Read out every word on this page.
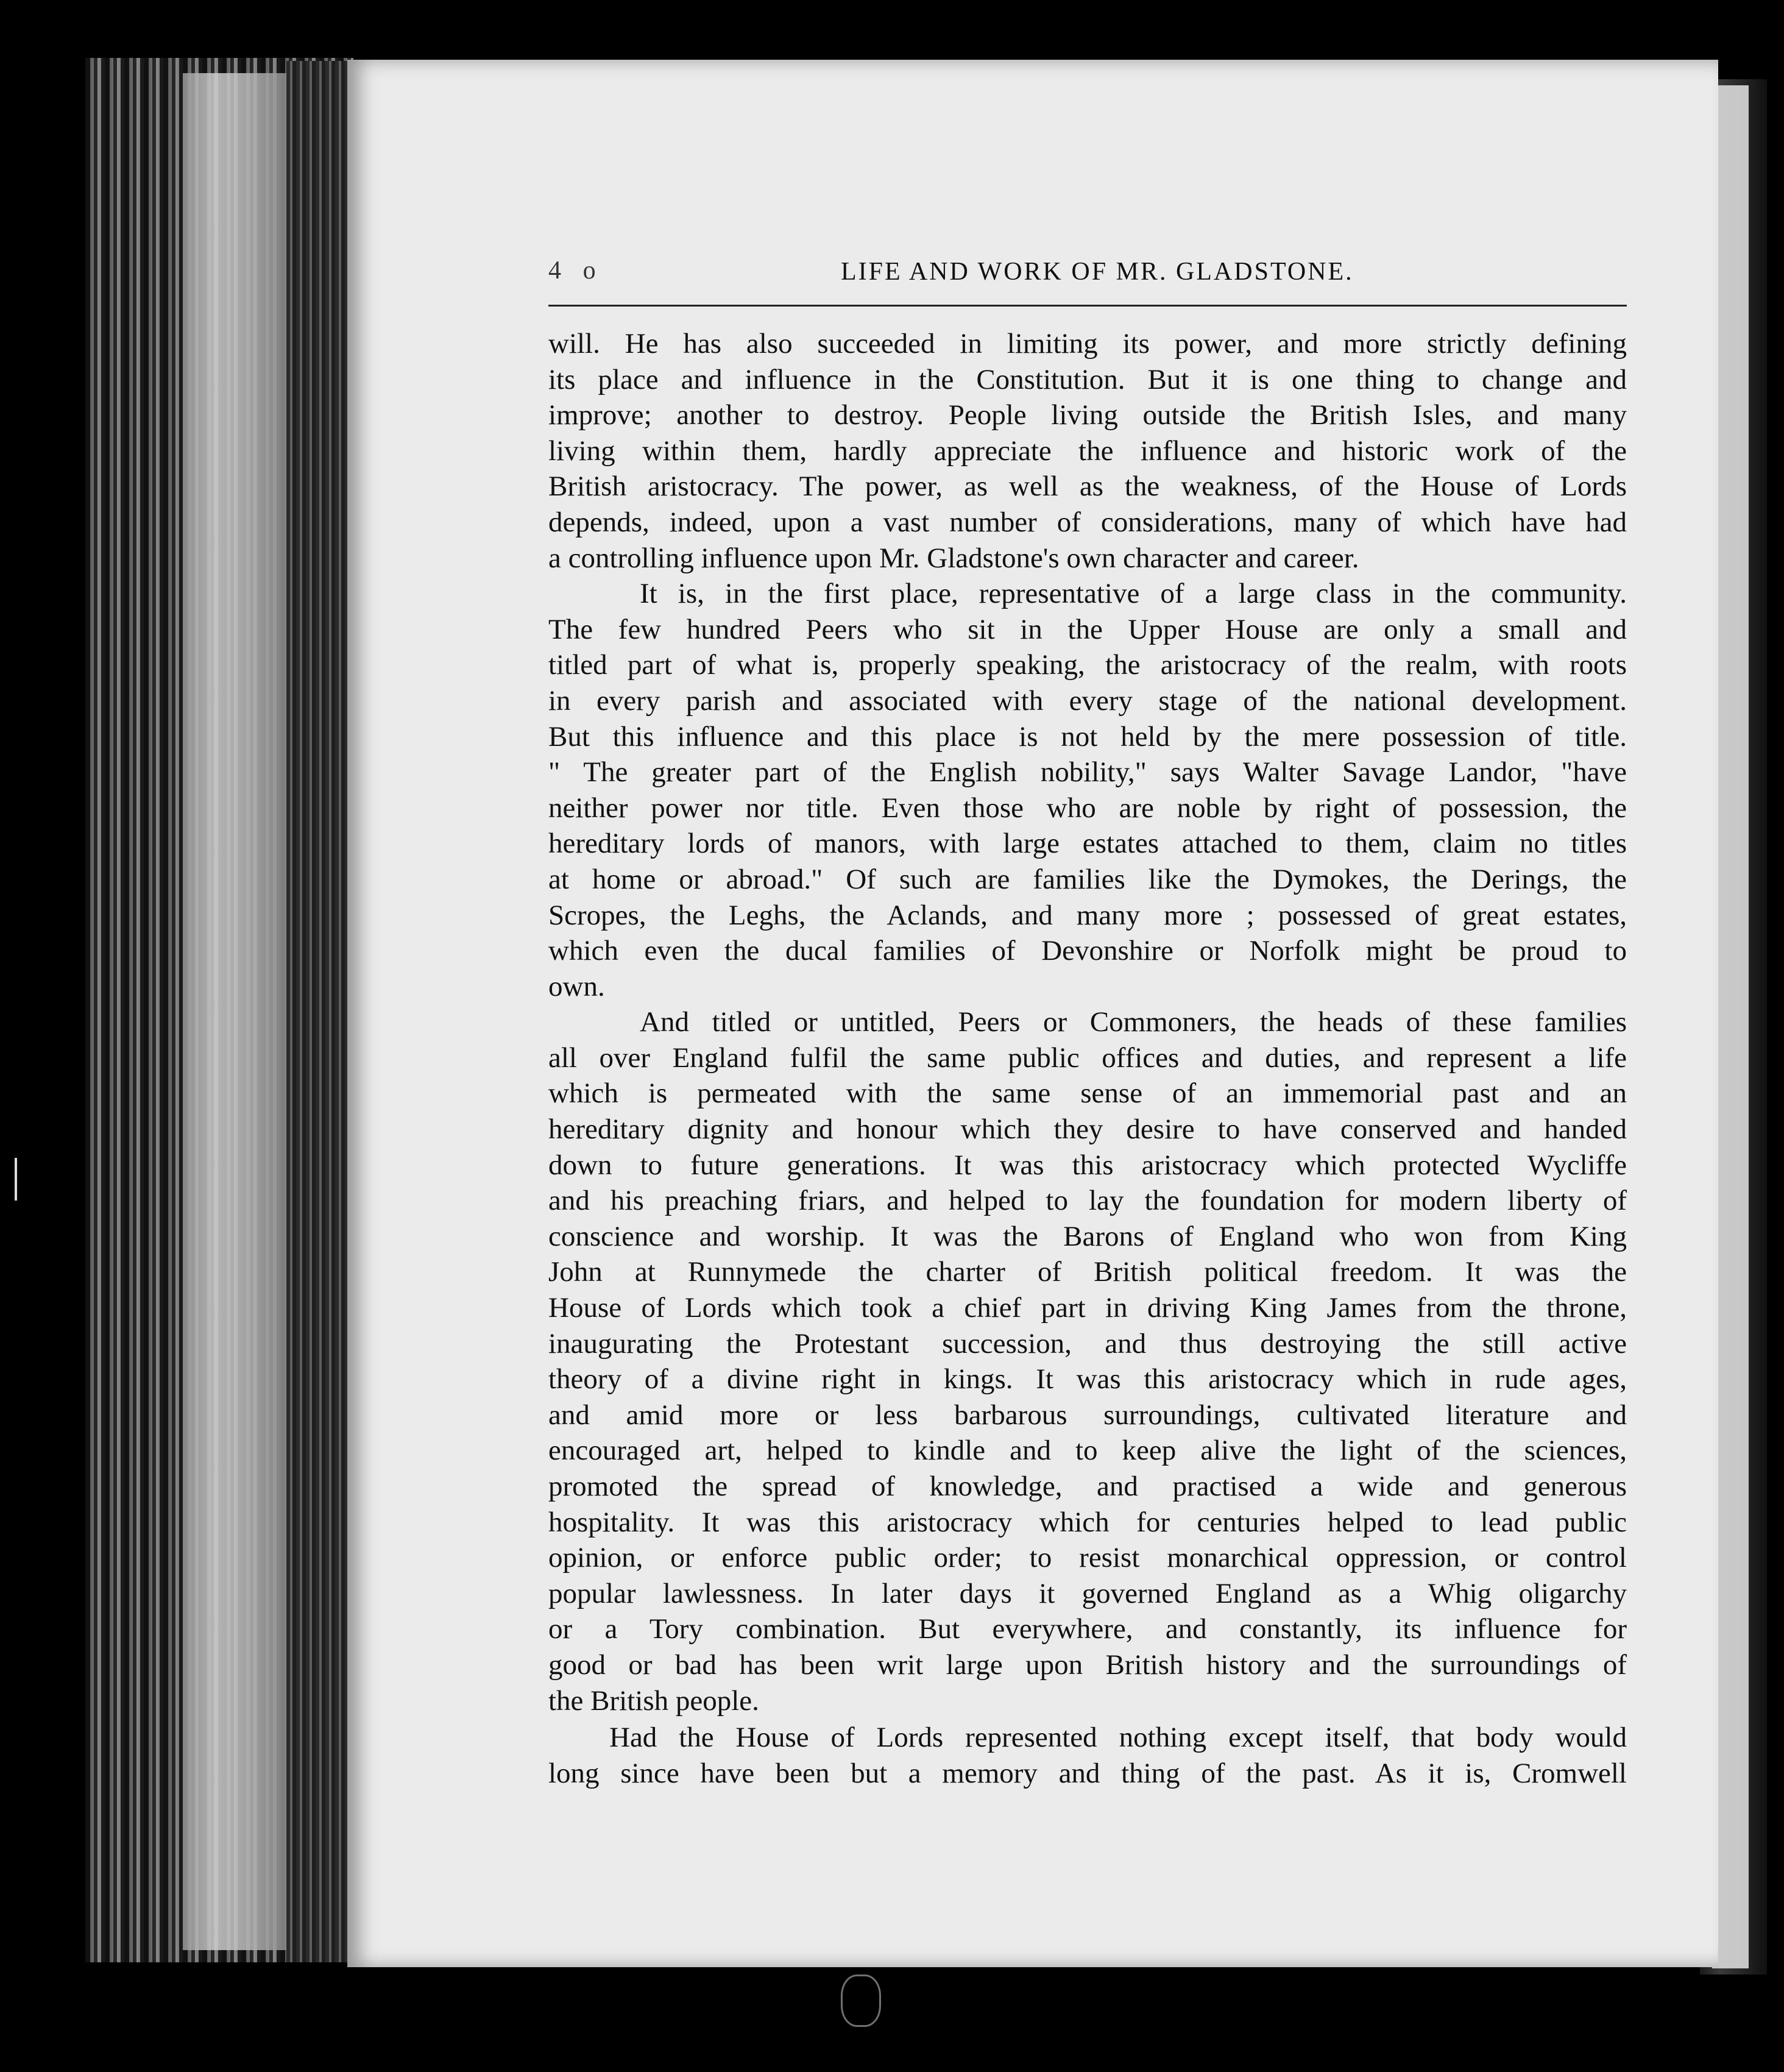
4ﾞo	LIFE AND WORK OF MR. GLADSTONE.

will. He has also succeeded in limiting its power, and more strictly defining

its place and influence in the Constitution. But it is one thing to change and

improve; another to destroy. People living outside the British Isles, and many

living within them, hardly appreciate the influence and historic work of the

British aristocracy. The power, as well as the weakness, of the House of Lords

depends, indeed, upon a vast number of considerations, many of which have had

a controlling influence upon Mr. Gladstone's own character and career.

It is, in the first place, representative of a large class in the community.

The few hundred Peers who sit in the Upper House are only a small and

titled part of what is, properly speaking, the aristocracy of the realm, with roots

in every parish and associated with every stage of the national development.

But this influence and this place is not held by the mere possession of title.

" The greater part of the English nobility," says Walter Savage Landor, "have

neither power nor title. Even those who are noble by right of possession, the

hereditary lords of manors, with large estates attached to them, claim no titles

at home or abroad." Of such are families like the Dymokes, the Derings, the

Scropes, the Leghs, the Aclands, and many more ; possessed of great estates,

which even the ducal families of Devonshire or Norfolk might be proud to

own.

And titled or untitled, Peers or Commoners, the heads of these families

all over England fulfil the same public offices and duties, and represent a life

which is permeated with the same sense of an immemorial past and an

hereditary dignity and honour which they desire to have conserved and handed

down to future generations. It was this aristocracy which protected Wycliffe

and his preaching friars, and helped to lay the foundation for modern liberty of

conscience and worship. It was the Barons of England who won from King

John at Runnymede the charter of British political freedom. It was the

House of Lords which took a chief part in driving King James from the throne,

inaugurating the Protestant succession, and thus destroying the still active

theory of a divine right in kings. It was this aristocracy which in rude ages,

and amid more or less barbarous surroundings, cultivated literature and

encouraged art, helped to kindle and to keep alive the light of the sciences,

promoted the spread of knowledge, and practised a wide and generous

hospitality. It was this aristocracy which for centuries helped to lead public

opinion, or enforce public order; to resist monarchical oppression, or control

popular lawlessness. In later days it governed England as a Whig oligarchy

or a Tory combination. But everywhere, and constantly, its influence for

good or bad has been writ large upon British history and the surroundings of

the British people.

Had the House of Lords represented nothing except itself, that body would

long since have been but a memory and thing of the past. As it is, Cromwell
